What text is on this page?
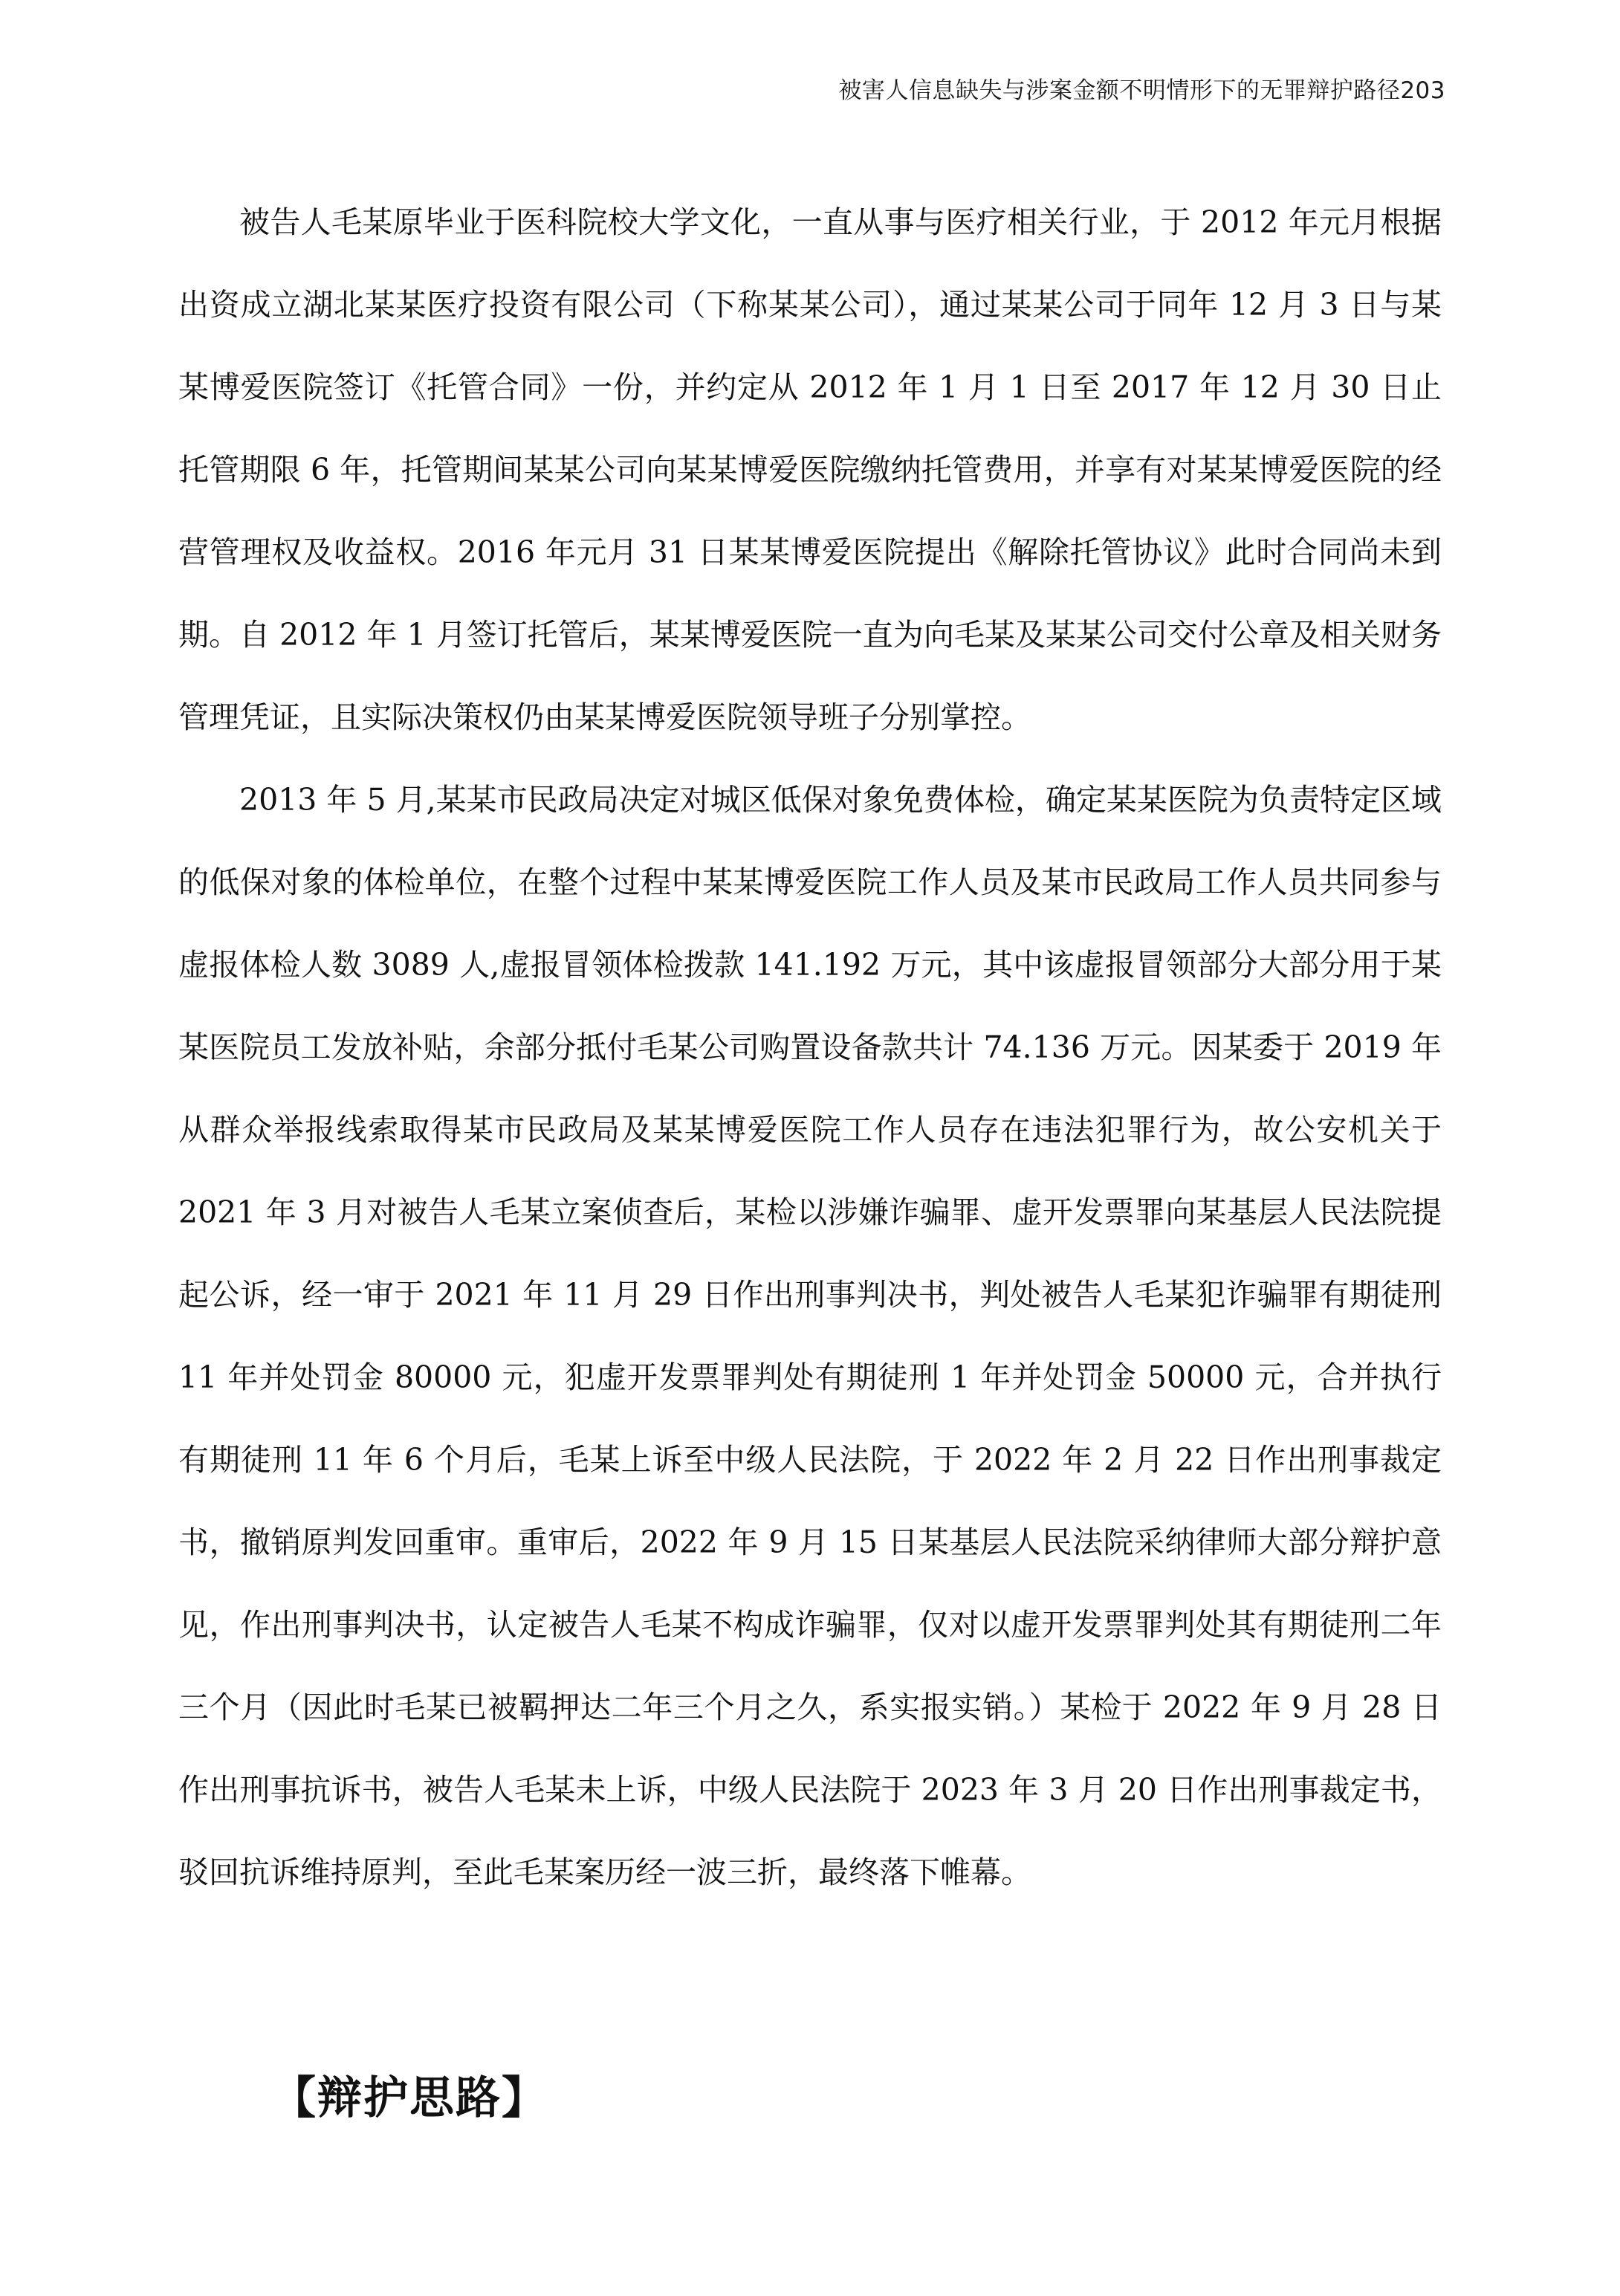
被害人信息缺失与涉案金额不明情形下的无罪辩护路径203

被告人毛某原毕业于医科院校大学文化，一直从事与医疗相关行业，于 2012 年元月根据出资成立湖北某某医疗投资有限公司（下称某某公司），通过某某公司于同年 12 月 3 日与某某博爱医院签订《托管合同》一份，并约定从 2012 年 1 月 1 日至 2017 年 12 月 30 日止托管期限 6 年，托管期间某某公司向某某博爱医院缴纳托管费用，并享有对某某博爱医院的经营管理权及收益权。2016 年元月 31 日某某博爱医院提出《解除托管协议》此时合同尚未到期。自 2012 年 1 月签订托管后，某某博爱医院一直为向毛某及某某公司交付公章及相关财务管理凭证，且实际决策权仍由某某博爱医院领导班子分别掌控。

2013 年 5 月,某某市民政局决定对城区低保对象免费体检，确定某某医院为负责特定区域的低保对象的体检单位，在整个过程中某某博爱医院工作人员及某市民政局工作人员共同参与虚报体检人数 3089 人,虚报冒领体检拨款 141.192 万元，其中该虚报冒领部分大部分用于某某医院员工发放补贴，余部分抵付毛某公司购置设备款共计 74.136 万元。因某委于 2019 年从群众举报线索取得某市民政局及某某博爱医院工作人员存在违法犯罪行为，故公安机关于 2021 年 3 月对被告人毛某立案侦查后，某检以涉嫌诈骗罪、虚开发票罪向某基层人民法院提起公诉，经一审于 2021 年 11 月 29 日作出刑事判决书，判处被告人毛某犯诈骗罪有期徒刑 11 年并处罚金 80000 元，犯虚开发票罪判处有期徒刑 1 年并处罚金 50000 元，合并执行有期徒刑 11 年 6 个月后，毛某上诉至中级人民法院，于 2022 年 2 月 22 日作出刑事裁定书，撤销原判发回重审。重审后，2022 年 9 月 15 日某基层人民法院采纳律师大部分辩护意见，作出刑事判决书，认定被告人毛某不构成诈骗罪，仅对以虚开发票罪判处其有期徒刑二年三个月（因此时毛某已被羁押达二年三个月之久，系实报实销。）某检于 2022 年 9 月 28 日作出刑事抗诉书，被告人毛某未上诉，中级人民法院于 2023 年 3 月 20 日作出刑事裁定书，驳回抗诉维持原判，至此毛某案历经一波三折，最终落下帷幕。

【辩护思路】
